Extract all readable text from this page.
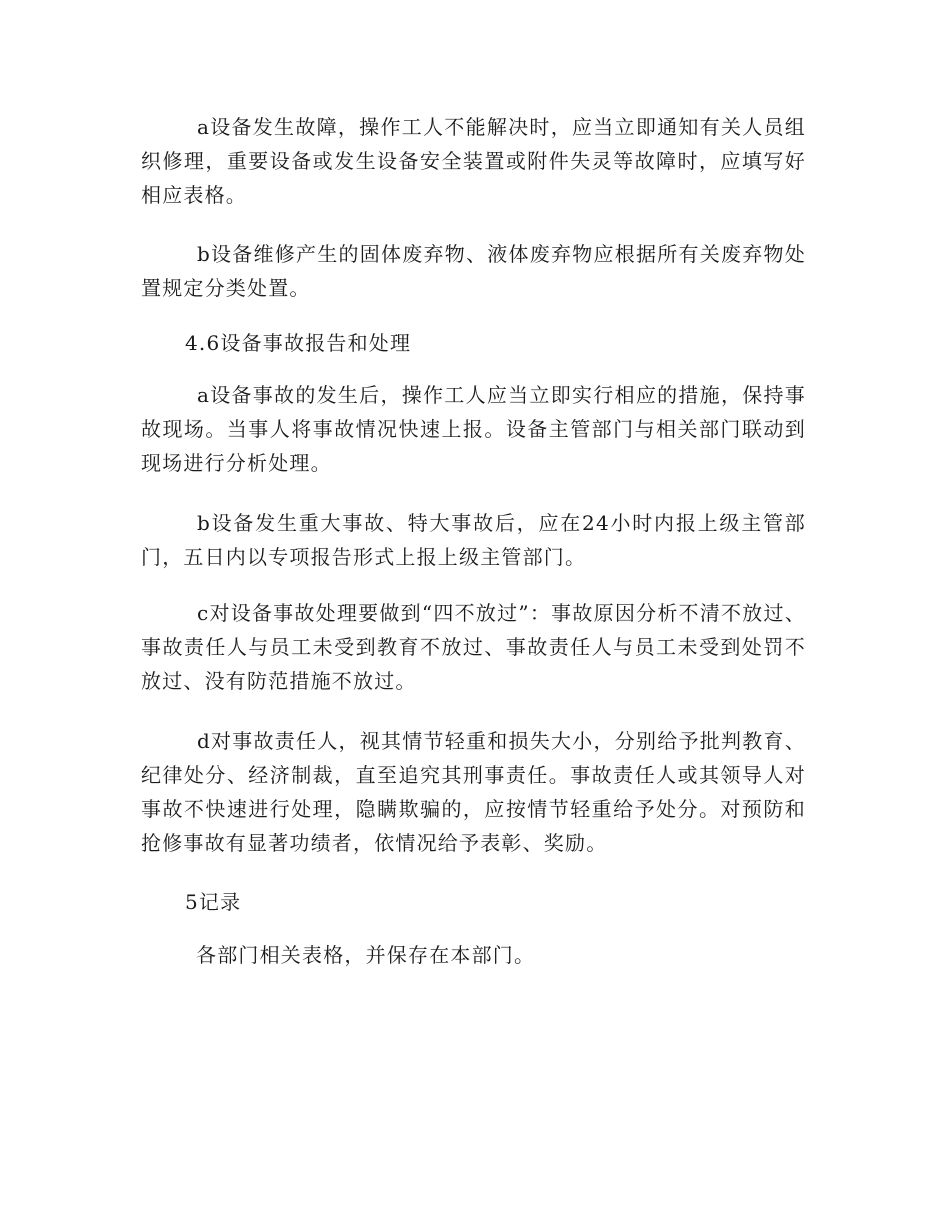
a设备发生故障，操作工人不能解决时，应当立即通知有关人员组织修理，重要设备或发生设备安全装置或附件失灵等故障时，应填写好相应表格。
b设备维修产生的固体废弃物、液体废弃物应根据所有关废弃物处置规定分类处置。
4.6设备事故报告和处理
a设备事故的发生后，操作工人应当立即实行相应的措施，保持事故现场。当事人将事故情况快速上报。设备主管部门与相关部门联动到现场进行分析处理。
b设备发生重大事故、特大事故后，应在24小时内报上级主管部门，五日内以专项报告形式上报上级主管部门。
c对设备事故处理要做到“四不放过”：事故原因分析不清不放过、事故责任人与员工未受到教育不放过、事故责任人与员工未受到处罚不放过、没有防范措施不放过。
d对事故责任人，视其情节轻重和损失大小，分别给予批判教育、纪律处分、经济制裁，直至追究其刑事责任。事故责任人或其领导人对事故不快速进行处理，隐瞒欺骗的，应按情节轻重给予处分。对预防和抢修事故有显著功绩者，依情况给予表彰、奖励。
5记录
各部门相关表格，并保存在本部门。
